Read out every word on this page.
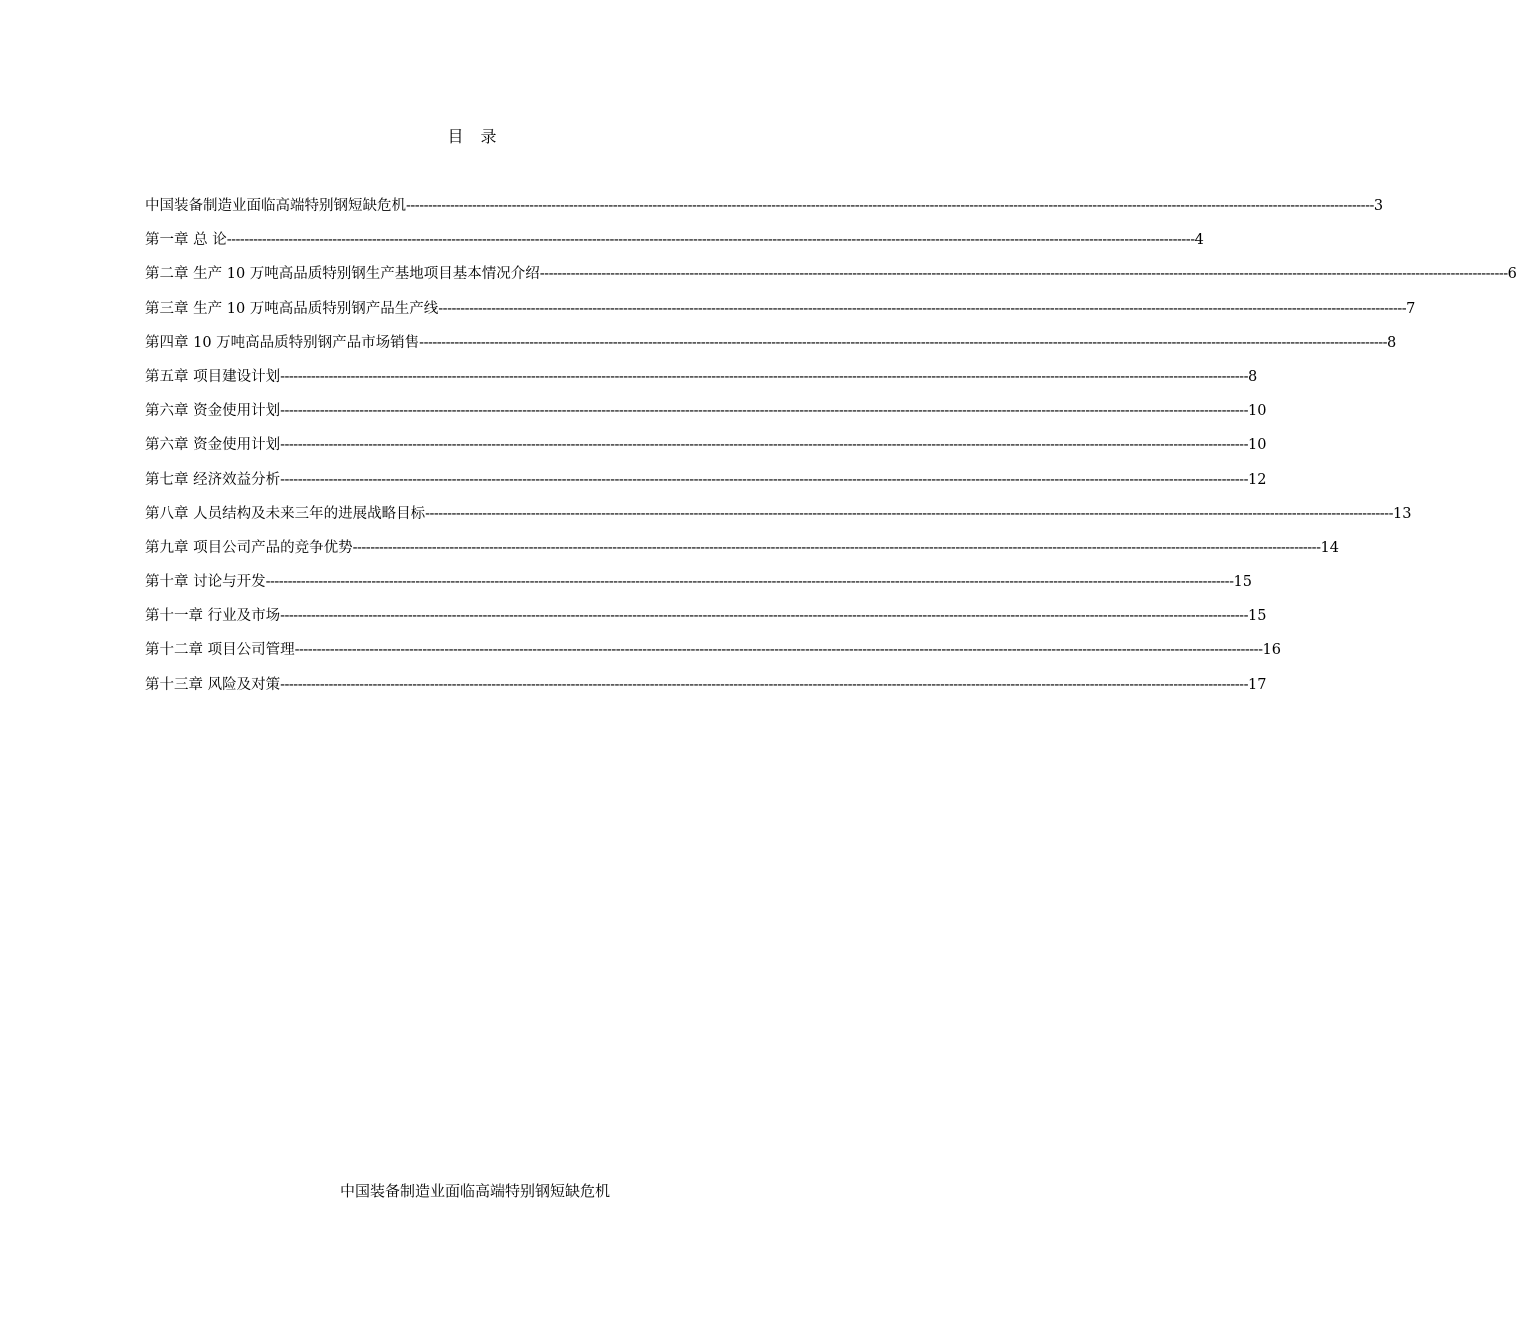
目 录
中国装备制造业面临高端特别钢短缺危机 ---------------------------------------------------------------------------------------------------------------------------------------------------------------------------------------------------------------------------- 3
第一章 总 论 ---------------------------------------------------------------------------------------------------------------------------------------------------------------------------------------------------------------------------- 4
第二章 生产 10 万吨高品质特别钢生产基地项目基本情况介绍 ---------------------------------------------------------------------------------------------------------------------------------------------------------------------------------------------------------------------------- 6
第三章 生产 10 万吨高品质特别钢产品生产线 ---------------------------------------------------------------------------------------------------------------------------------------------------------------------------------------------------------------------------- 7
第四章 10 万吨高品质特别钢产品市场销售 ---------------------------------------------------------------------------------------------------------------------------------------------------------------------------------------------------------------------------- 8
第五章 项目建设计划 ---------------------------------------------------------------------------------------------------------------------------------------------------------------------------------------------------------------------------- 8
第六章 资金使用计划 ---------------------------------------------------------------------------------------------------------------------------------------------------------------------------------------------------------------------------- 10
第六章 资金使用计划 ---------------------------------------------------------------------------------------------------------------------------------------------------------------------------------------------------------------------------- 10
第七章 经济效益分析 ---------------------------------------------------------------------------------------------------------------------------------------------------------------------------------------------------------------------------- 12
第八章 人员结构及未来三年的进展战略目标 ---------------------------------------------------------------------------------------------------------------------------------------------------------------------------------------------------------------------------- 13
第九章 项目公司产品的竞争优势 ---------------------------------------------------------------------------------------------------------------------------------------------------------------------------------------------------------------------------- 14
第十章 讨论与开发 ---------------------------------------------------------------------------------------------------------------------------------------------------------------------------------------------------------------------------- 15
第十一章 行业及市场 ---------------------------------------------------------------------------------------------------------------------------------------------------------------------------------------------------------------------------- 15
第十二章 项目公司管理 ---------------------------------------------------------------------------------------------------------------------------------------------------------------------------------------------------------------------------- 16
第十三章 风险及对策 ---------------------------------------------------------------------------------------------------------------------------------------------------------------------------------------------------------------------------- 17
中国装备制造业面临高端特别钢短缺危机
